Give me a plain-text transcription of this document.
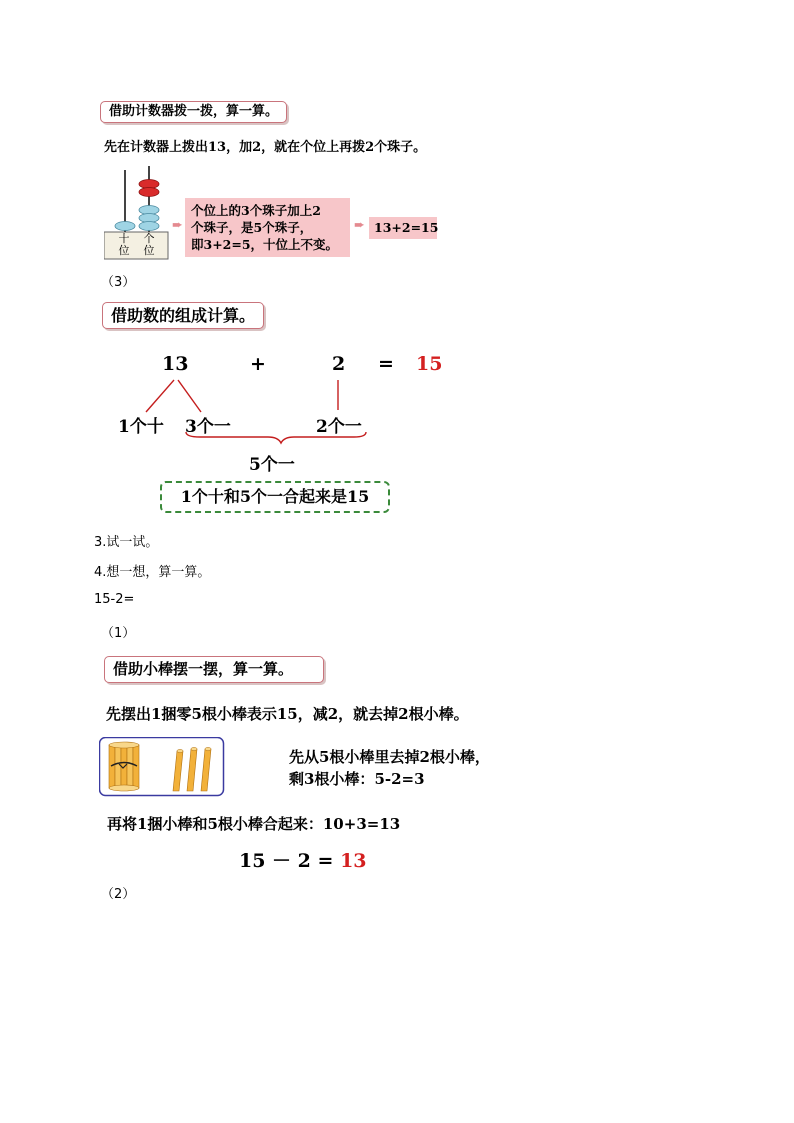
借助计数器拨一拨，算一算。
先在计数器上拨出13，加2，就在个位上再拨2个珠子。
十位
个位
➨
个位上的3个珠子加上2
个珠子，是5个珠子，
即3+2=5，十位上不变。
➨ 13+2=15
（3）
借助数的组成计算。
13	+	2 = 15
1个十 3个一	2个一
5个一
1个十和5个一合起来是15
3.试一试。
4.想一想，算一算。
15-2=
（1）
借助小棒摆一摆，算一算。
先摆出1捆零5根小棒表示15，减2，就去掉2根小棒。
先从5根小棒里去掉2根小棒，
剩3根小棒：5-2=3
再将1捆小棒和5根小棒合起来：10+3=13
15 － 2 = 13
（2）
